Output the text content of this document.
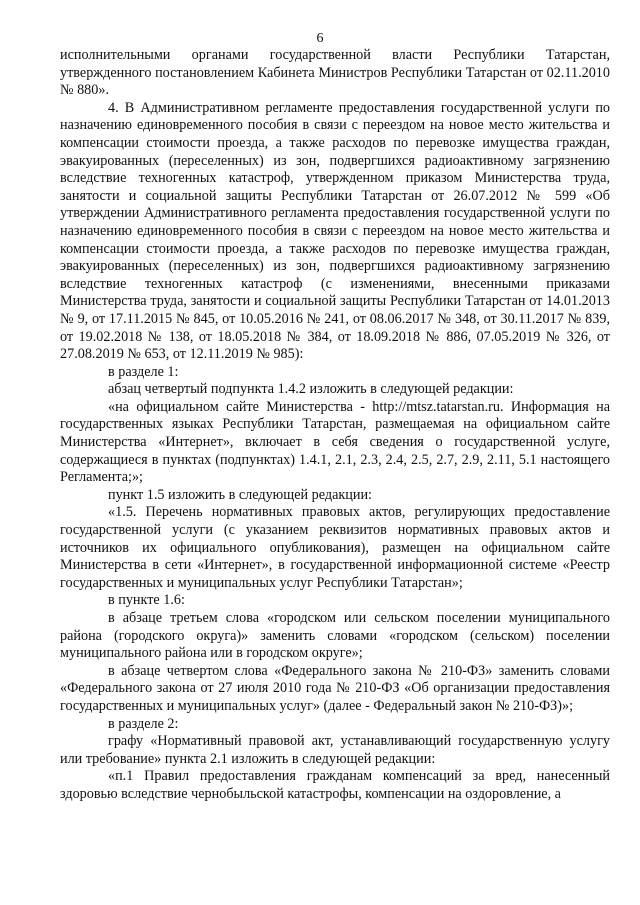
6

исполнительными органами государственной власти Республики Татарстан, утвержденного постановлением Кабинета Министров Республики Татарстан от 02.11.2010 № 880».

4. В Административном регламенте предоставления государственной услуги по назначению единовременного пособия в связи с переездом на новое место жительства и компенсации стоимости проезда, а также расходов по перевозке имущества граждан, эвакуированных (переселенных) из зон, подвергшихся радиоактивному загрязнению вследствие техногенных катастроф, утвержденном приказом Министерства труда, занятости и социальной защиты Республики Татарстан от 26.07.2012 № 599 «Об утверждении Административного регламента предоставления государственной услуги по назначению единовременного пособия в связи с переездом на новое место жительства и компенсации стоимости проезда, а также расходов по перевозке имущества граждан, эвакуированных (переселенных) из зон, подвергшихся радиоактивному загрязнению вследствие техногенных катастроф (с изменениями, внесенными приказами Министерства труда, занятости и социальной защиты Республики Татарстан от 14.01.2013 № 9, от 17.11.2015 № 845, от 10.05.2016 № 241, от 08.06.2017 № 348, от 30.11.2017 № 839, от 19.02.2018 № 138, от 18.05.2018 № 384, от 18.09.2018 № 886, 07.05.2019 № 326, от 27.08.2019 № 653, от 12.11.2019 № 985):

в разделе 1:

абзац четвертый подпункта 1.4.2 изложить в следующей редакции:

«на официальном сайте Министерства - http://mtsz.tatarstan.ru. Информация на государственных языках Республики Татарстан, размещаемая на официальном сайте Министерства «Интернет», включает в себя сведения о государственной услуге, содержащиеся в пунктах (подпунктах) 1.4.1, 2.1, 2.3, 2.4, 2.5, 2.7, 2.9, 2.11, 5.1 настоящего Регламента;»;

пункт 1.5 изложить в следующей редакции:

«1.5. Перечень нормативных правовых актов, регулирующих предоставление государственной услуги (с указанием реквизитов нормативных правовых актов и источников их официального опубликования), размещен на официальном сайте Министерства в сети «Интернет», в государственной информационной системе «Реестр государственных и муниципальных услуг Республики Татарстан»;

в пункте 1.6:

в абзаце третьем слова «городском или сельском поселении муниципального района (городского округа)» заменить словами «городском (сельском) поселении муниципального района или в городском округе»;

в абзаце четвертом слова «Федерального закона № 210-ФЗ» заменить словами «Федерального закона от 27 июля 2010 года № 210-ФЗ «Об организации предоставления государственных и муниципальных услуг» (далее - Федеральный закон № 210-ФЗ)»;

в разделе 2:

графу «Нормативный правовой акт, устанавливающий государственную услугу или требование» пункта 2.1 изложить в следующей редакции:

«п.1 Правил предоставления гражданам компенсаций за вред, нанесенный здоровью вследствие чернобыльской катастрофы, компенсации на оздоровление, а
